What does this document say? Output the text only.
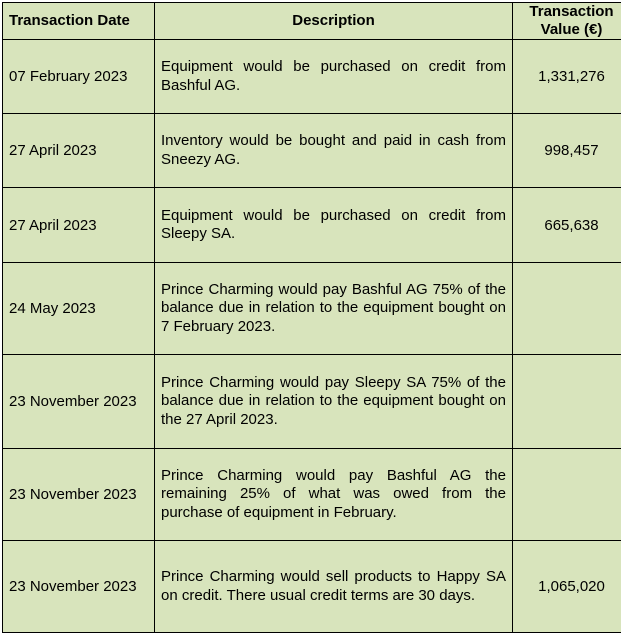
Transaction Date	Description	Transaction Value (€)
07 February 2023	Equipment would be purchased on credit from Bashful AG.	1,331,276
27 April 2023	Inventory would be bought and paid in cash from Sneezy AG.	998,457
27 April 2023	Equipment would be purchased on credit from Sleepy SA.	665,638
24 May 2023	Prince Charming would pay Bashful AG 75% of the balance due in relation to the equipment bought on 7 February 2023.	
23 November 2023	Prince Charming would pay Sleepy SA 75% of the balance due in relation to the equipment bought on the 27 April 2023.	
23 November 2023	Prince Charming would pay Bashful AG the remaining 25% of what was owed from the purchase of equipment in February.	
23 November 2023	Prince Charming would sell products to Happy SA on credit. There usual credit terms are 30 days.	1,065,020
